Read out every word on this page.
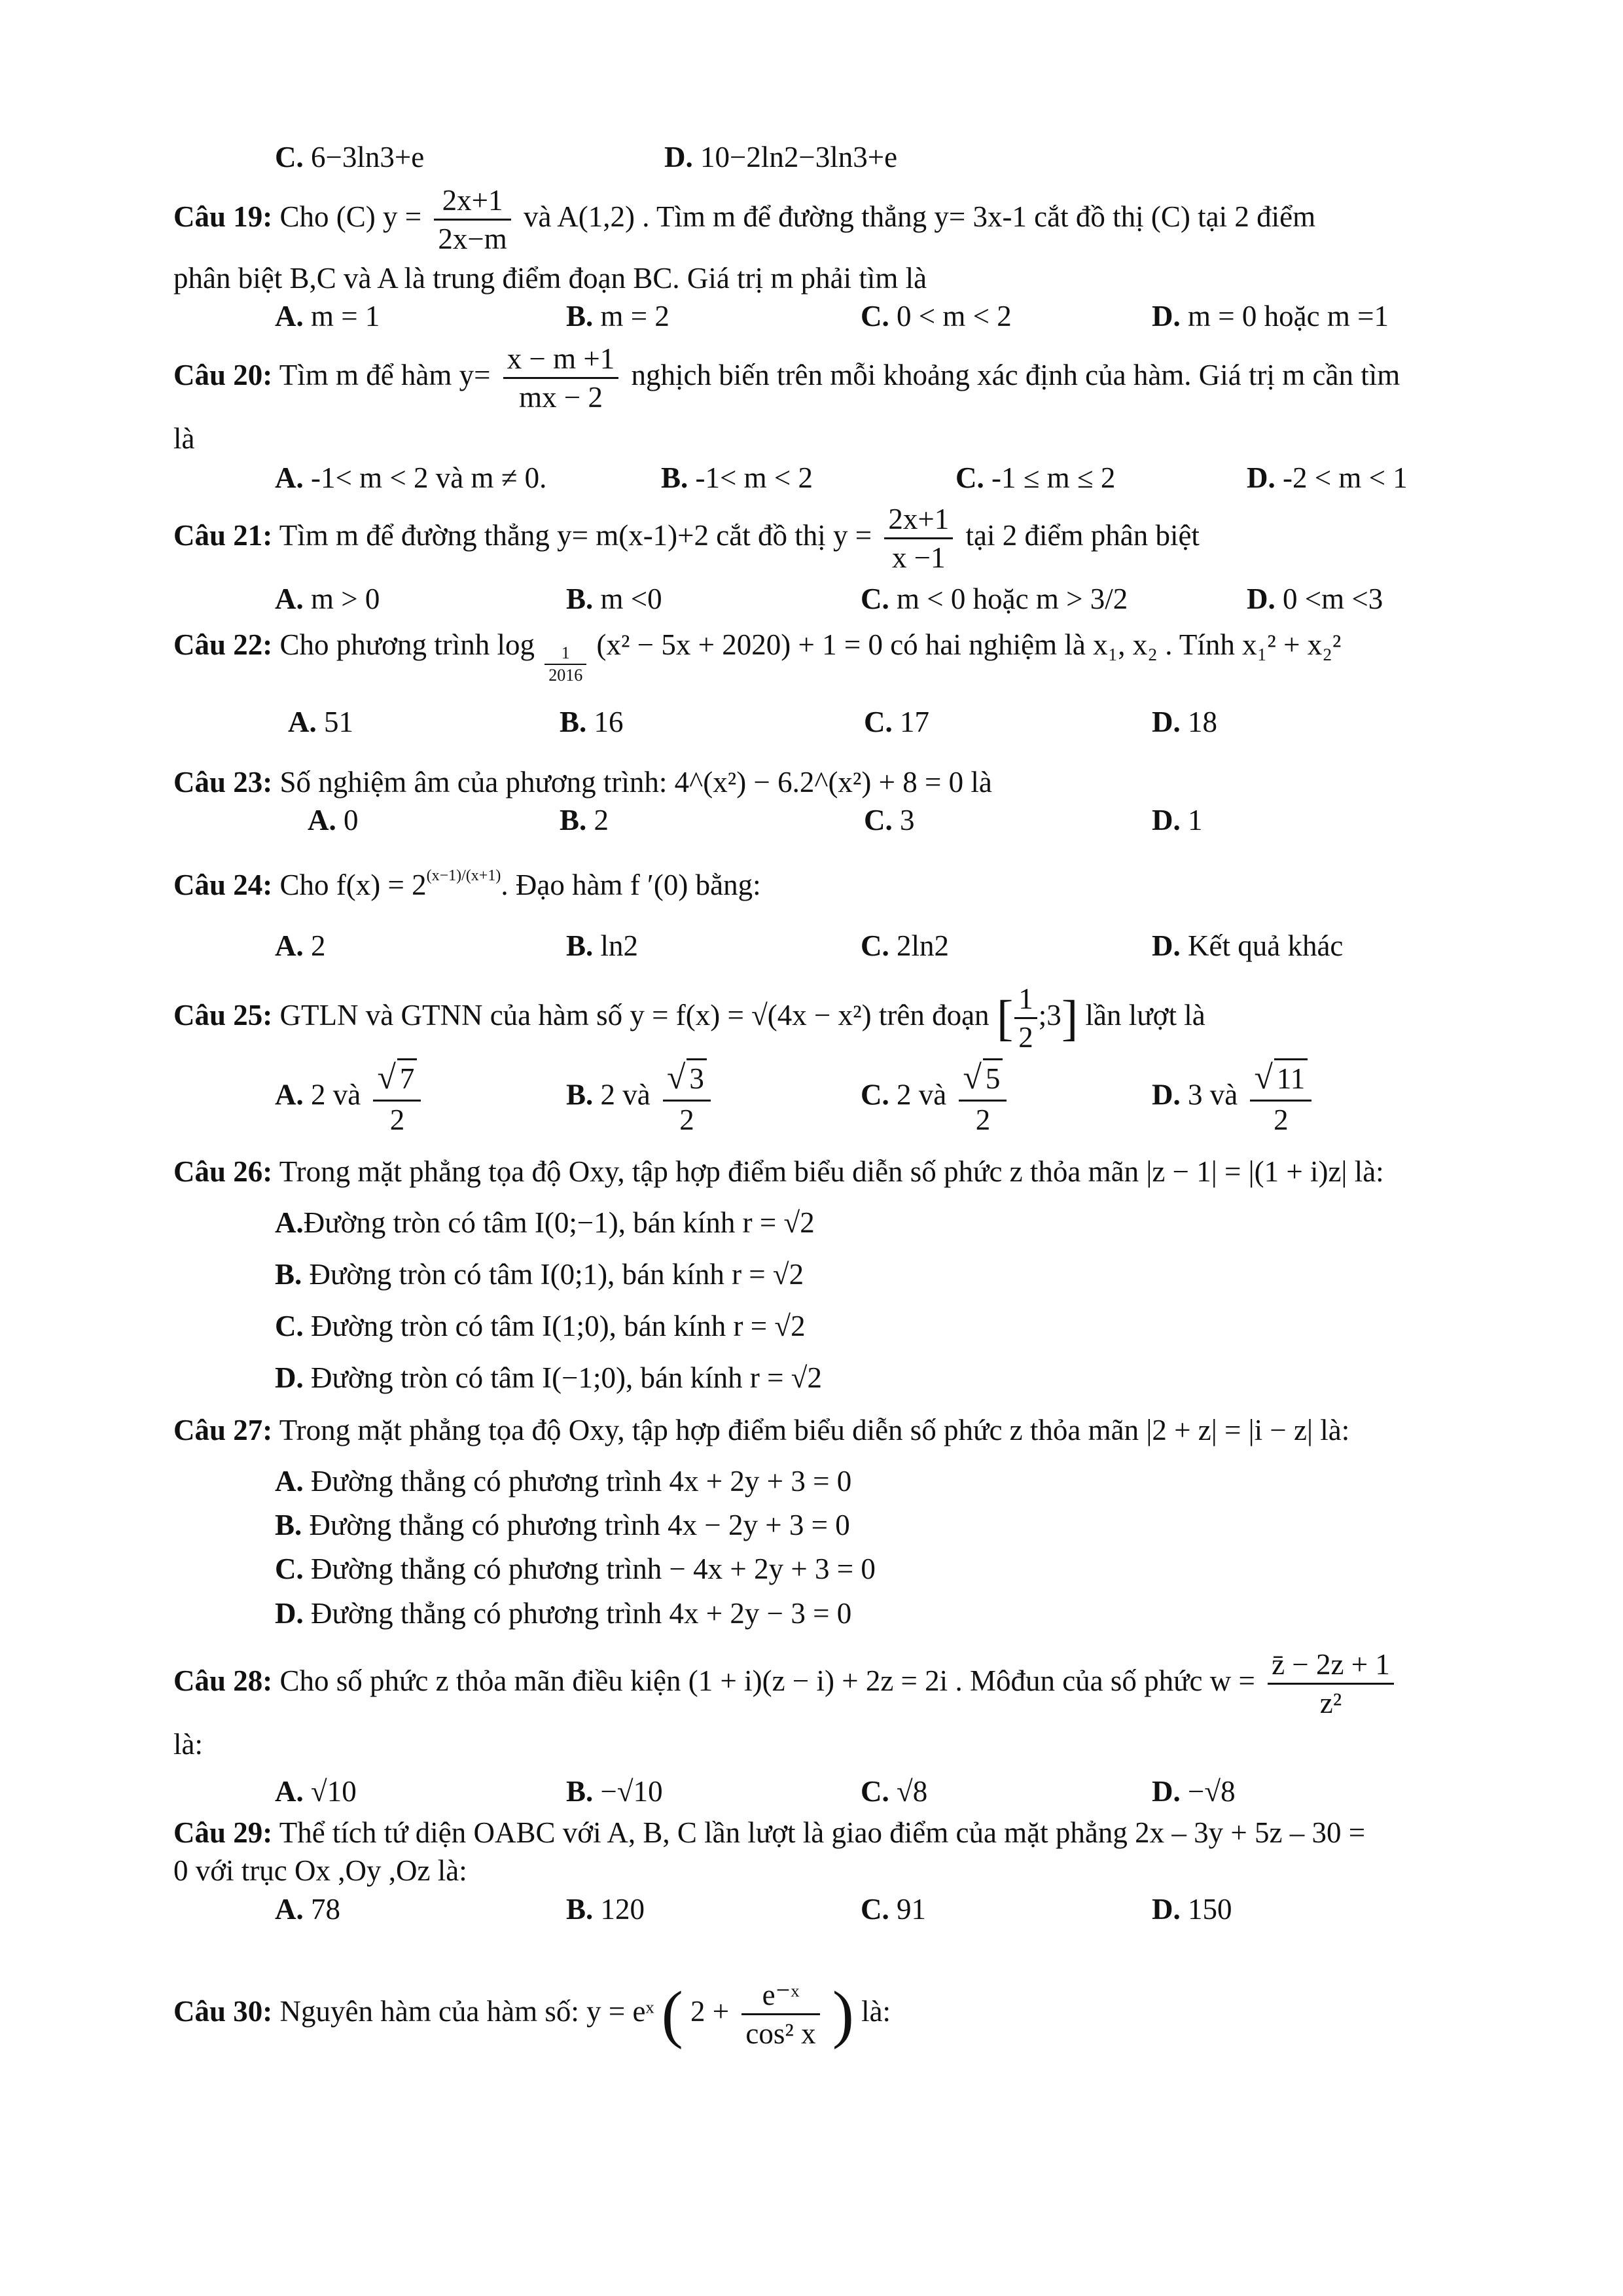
C. 6−3ln3+e	D. 10−2ln2−3ln3+e
Câu 19: Cho (C) $y = \frac{2x+1}{2x-m}$ và A(1,2) . Tìm m để đường thẳng y= 3x-1 cắt đồ thị (C) tại 2 điểm
phân biệt B,C và A là trung điểm đoạn BC. Giá trị m phải tìm là
A. m = 1	B. m = 2	C. 0 < m < 2	D. m = 0 hoặc m =1
Câu 20: Tìm m để hàm $y= \frac{x - m +1}{mx - 2}$ nghịch biến trên mỗi khoảng xác định của hàm. Giá trị m cần tìm
là
A. -1< m < 2 và m ≠ 0.	B. -1< m < 2	C. -1 ≤ m ≤ 2	D. -2 < m < 1
Câu 21: Tìm m để đường thẳng y= m(x-1)+2 cắt đồ thị $y = \frac{2x+1}{x -1}$ tại 2 điểm phân biệt
A. m > 0	B. m <0	C. m < 0 hoặc m > 3/2	D. 0 <m <3
Câu 22: Cho phương trình $\log \frac{1}{2016} (x^2 - 5x + 2020) + 1 = 0$ có hai nghiệm là x₁, x₂ . Tính x₁² + x₂²
A. 51	B. 16	C. 17	D. 18
Câu 23: Số nghiệm âm của phương trình: 4^(x²) − 6.2^(x²) + 8 = 0 là
A. 0	B. 2	C. 3	D. 1
Câu 24: Cho $f(x) = 2^{(x-1)/(x+1)}$. Đạo hàm f ′(0) bằng:
A. 2	B. ln2	C. 2ln2	D. Kết quả khác
Câu 25: GTLN và GTNN của hàm số y = f(x) = √(4x − x²) trên đoạn [ $\frac{1}{2}$ ;3] lần lượt là
A. 2 và $\frac{√ 7}{2}$	B. 2 và $\frac{√ 3}{2}$	C. 2 và $\frac{√ 5}{2}$	D. 3 và $\frac{√ 11}{2}$
Câu 26: Trong mặt phẳng tọa độ Oxy, tập hợp điểm biểu diễn số phức z thỏa mãn |z − 1| = |(1 + i)z| là:
A.Đường tròn có tâm I(0;−1), bán kính r = √2
B. Đường tròn có tâm I(0;1), bán kính r = √2
C. Đường tròn có tâm I(1;0), bán kính r = √2
D. Đường tròn có tâm I(−1;0), bán kính r = √2
Câu 27: Trong mặt phẳng tọa độ Oxy, tập hợp điểm biểu diễn số phức z thỏa mãn |2 + z| = |i − z| là:
A. Đường thẳng có phương trình 4x + 2y + 3 = 0
B. Đường thẳng có phương trình 4x − 2y + 3 = 0
C. Đường thẳng có phương trình − 4x + 2y + 3 = 0
D. Đường thẳng có phương trình 4x + 2y − 3 = 0
Câu 28: Cho số phức z thỏa mãn điều kiện (1 + i)(z − i) + 2z = 2i . Môđun của số phức $w = \frac{z̄ - 2z + 1}{\text{z²}}$
là:
A. √10	B. −√10	C. √8	D. −√8
Câu 29: Thể tích tứ diện OABC với A, B, C lần lượt là giao điểm của mặt phẳng 2x – 3y + 5z – 30 =
0 với trục Ox ,Oy ,Oz là:
A. 78	B. 120	C. 91	D. 150
Câu 30: Nguyên hàm của hàm số: y = eˣ ( $2 + \frac{\text{e⁻ˣ}}{\text{cos² x}}$ ) là:
